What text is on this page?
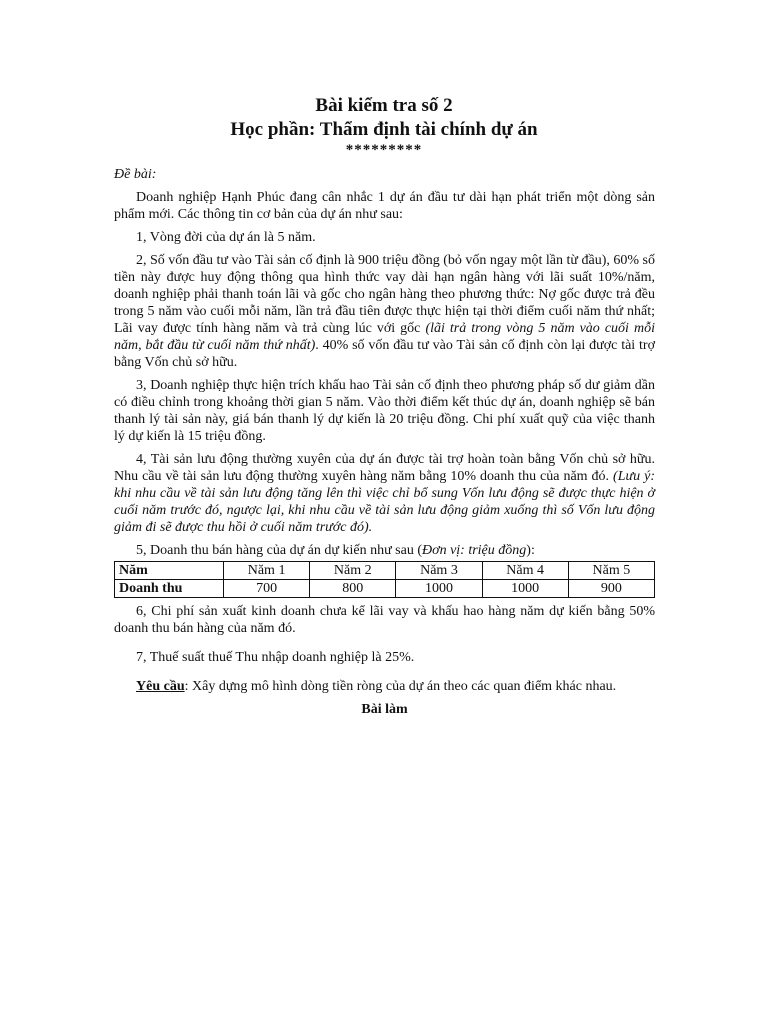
Bài kiểm tra số 2
Học phần: Thẩm định tài chính dự án
*********

Đề bài:

Doanh nghiệp Hạnh Phúc đang cân nhắc 1 dự án đầu tư dài hạn phát triển một dòng sản phẩm mới. Các thông tin cơ bản của dự án như sau:

1, Vòng đời của dự án là 5 năm.

2, Số vốn đầu tư vào Tài sản cố định là 900 triệu đồng (bỏ vốn ngay một lần từ đầu), 60% số tiền này được huy động thông qua hình thức vay dài hạn ngân hàng với lãi suất 10%/năm, doanh nghiệp phải thanh toán lãi và gốc cho ngân hàng theo phương thức: Nợ gốc được trả đều trong 5 năm vào cuối mỗi năm, lần trả đầu tiên được thực hiện tại thời điểm cuối năm thứ nhất; Lãi vay được tính hàng năm và trả cùng lúc với gốc (lãi trả trong vòng 5 năm vào cuối mỗi năm, bắt đầu từ cuối năm thứ nhất). 40% số vốn đầu tư vào Tài sản cố định còn lại được tài trợ bằng Vốn chủ sở hữu.

3, Doanh nghiệp thực hiện trích khấu hao Tài sản cố định theo phương pháp số dư giảm dần có điều chỉnh trong khoảng thời gian 5 năm. Vào thời điểm kết thúc dự án, doanh nghiệp sẽ bán thanh lý tài sản này, giá bán thanh lý dự kiến là 20 triệu đồng. Chi phí xuất quỹ của việc thanh lý dự kiến là 15 triệu đồng.

4, Tài sản lưu động thường xuyên của dự án được tài trợ hoàn toàn bằng Vốn chủ sở hữu. Nhu cầu về tài sản lưu động thường xuyên hàng năm bằng 10% doanh thu của năm đó. (Lưu ý: khi nhu cầu về tài sản lưu động tăng lên thì việc chỉ bổ sung Vốn lưu động sẽ được thực hiện ở cuối năm trước đó, ngược lại, khi nhu cầu về tài sản lưu động giảm xuống thì số Vốn lưu động giảm đi sẽ được thu hồi ở cuối năm trước đó).

5, Doanh thu bán hàng của dự án dự kiến như sau (Đơn vị: triệu đồng):

Năm	Năm 1	Năm 2	Năm 3	Năm 4	Năm 5
Doanh thu	700	800	1000	1000	900

6, Chi phí sản xuất kinh doanh chưa kể lãi vay và khấu hao hàng năm dự kiến bằng 50% doanh thu bán hàng của năm đó.

7, Thuế suất thuế Thu nhập doanh nghiệp là 25%.

Yêu cầu: Xây dựng mô hình dòng tiền ròng của dự án theo các quan điểm khác nhau.

Bài làm
